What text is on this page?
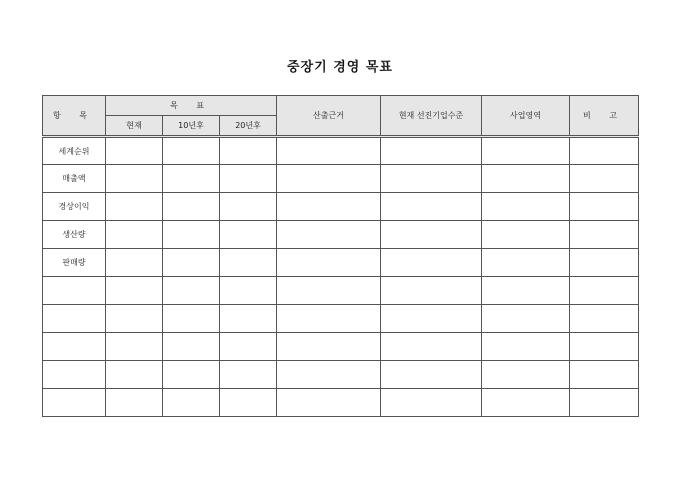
중장기 경영 목표
항 목	목 표			산출근거	현재 선진기업수준	사업영역	비 고
	현재	10년후	20년후				
세계순위							
매출액							
경상이익							
생산량							
판매량							
